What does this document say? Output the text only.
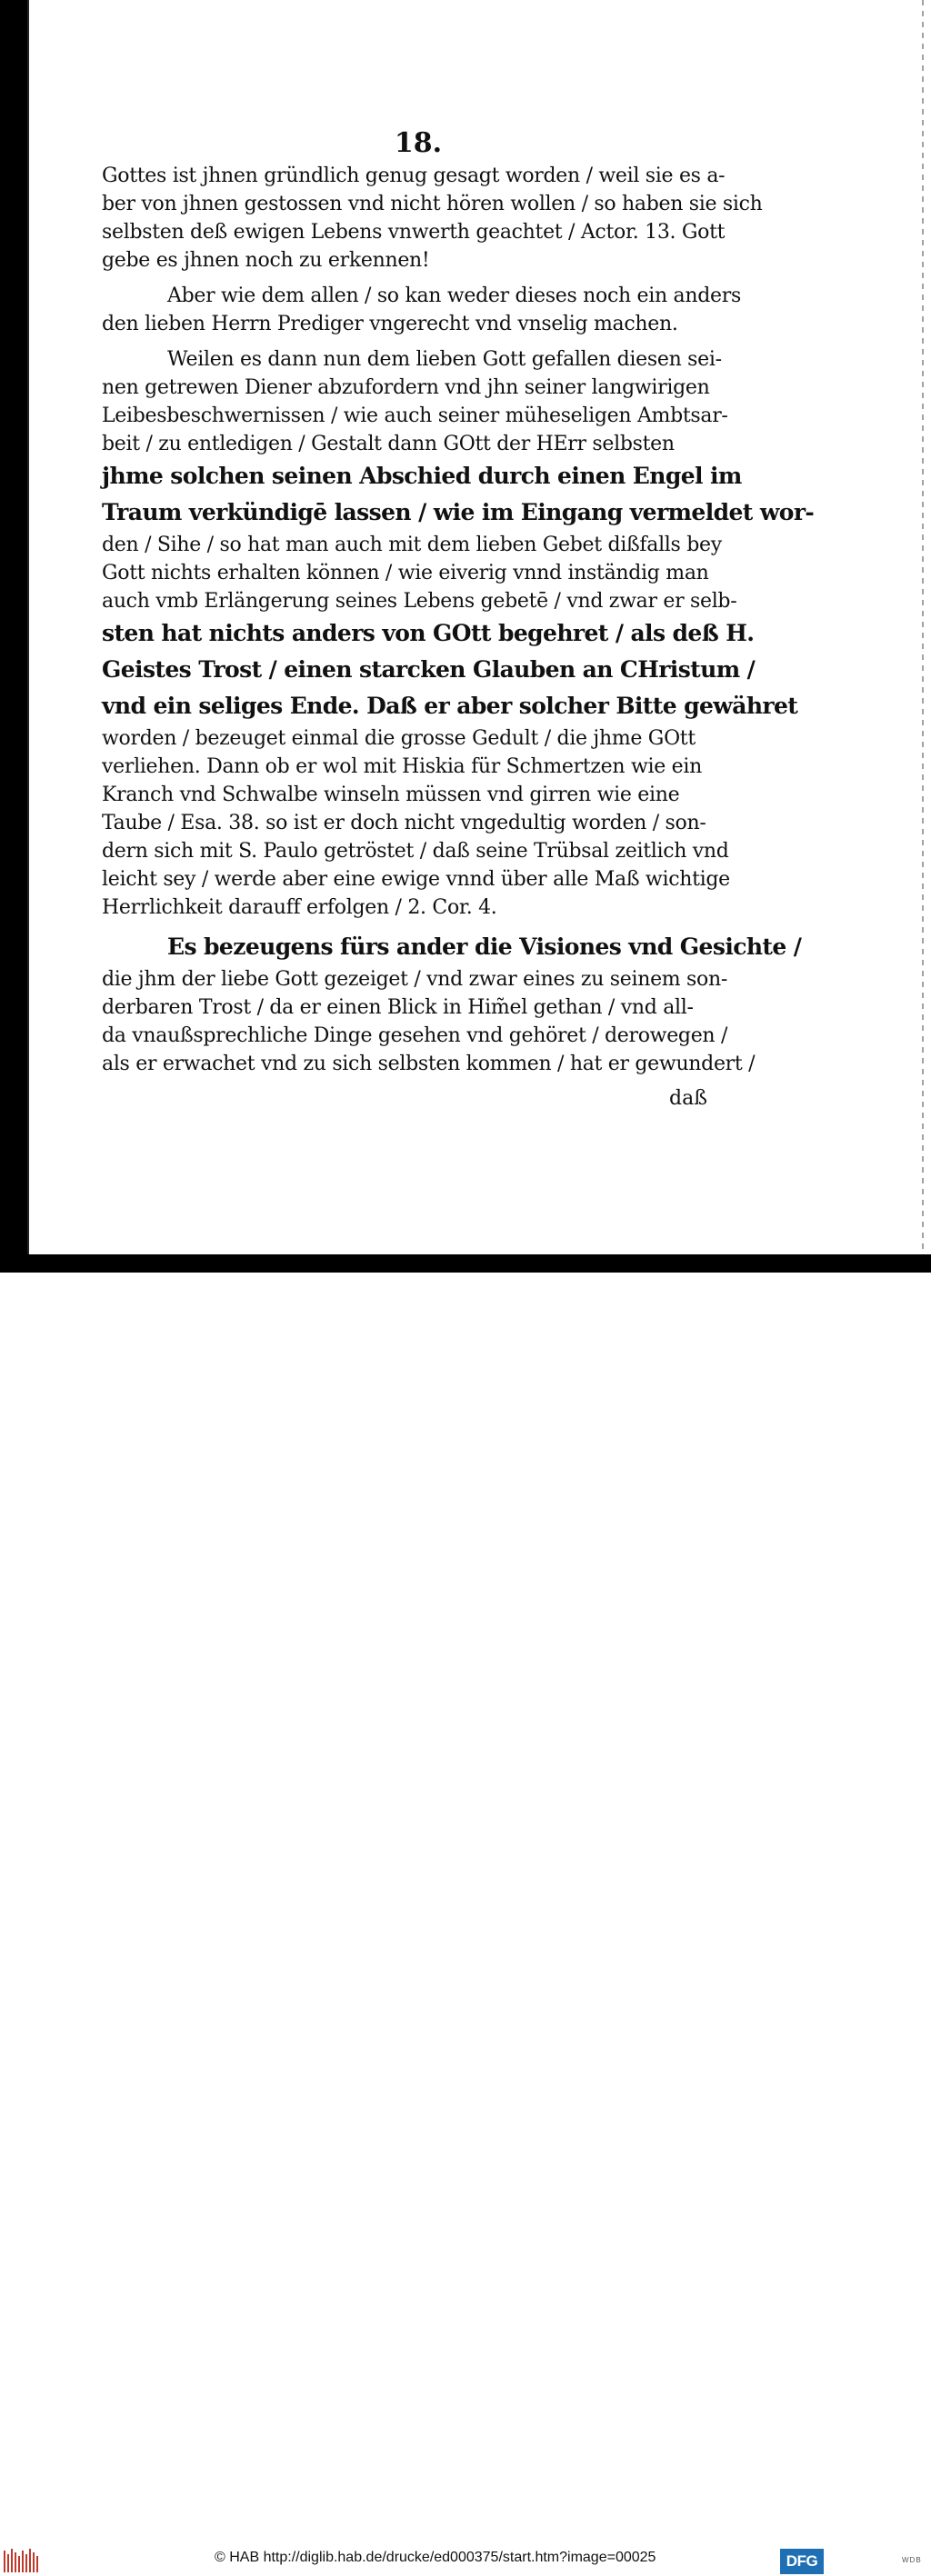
18.
Gottes ist jhnen gründlich genug gesagt worden / weil sie es a-
ber von jhnen gestossen vnd nicht hören wollen / so haben sie sich
selbsten deß ewigen Lebens vnwerth geachtet / Actor. 13. Gott
gebe es jhnen noch zu erkennen!
Aber wie dem allen / so kan weder dieses noch ein anders
den lieben Herrn Prediger vngerecht vnd vnselig machen.
Weilen es dann nun dem lieben Gott gefallen diesen sei-
nen getrewen Diener abzufordern vnd jhn seiner langwirigen
Leibesbeschwernissen / wie auch seiner müheseligen Ambtsar-
beit / zu entledigen / Gestalt dann GOtt der HErr selbsten
jhme solchen seinen Abschied durch einen Engel im
Traum verkündigē lassen / wie im Eingang vermeldet wor-
den / Sihe / so hat man auch mit dem lieben Gebet dißfalls bey
Gott nichts erhalten können / wie eiverig vnnd inständig man
auch vmb Erlängerung seines Lebens gebetē / vnd zwar er selb-
sten hat nichts anders von GOtt begehret / als deß H.
Geistes Trost / einen starcken Glauben an CHristum /
vnd ein seliges Ende. Daß er aber solcher Bitte gewähret
worden / bezeuget einmal die grosse Gedult / die jhme GOtt
verliehen. Dann ob er wol mit Hiskia für Schmertzen wie ein
Kranch vnd Schwalbe winseln müssen vnd girren wie eine
Taube / Esa. 38. so ist er doch nicht vngedultig worden / son-
dern sich mit S. Paulo getröstet / daß seine Trübsal zeitlich vnd
leicht sey / werde aber eine ewige vnnd über alle Maß wichtige
Herrlichkeit darauff erfolgen / 2. Cor. 4.
Es bezeugens fürs ander die Visiones vnd Gesichte /
die jhm der liebe Gott gezeiget / vnd zwar eines zu seinem son-
derbaren Trost / da er einen Blick in Him̃el gethan / vnd all-
da vnaußsprechliche Dinge gesehen vnd gehöret / derowegen /
als er erwachet vnd zu sich selbsten kommen / hat er gewundert /
daß
© HAB http://diglib.hab.de/drucke/ed000375/start.htm?image=00025	DFG	WDB
